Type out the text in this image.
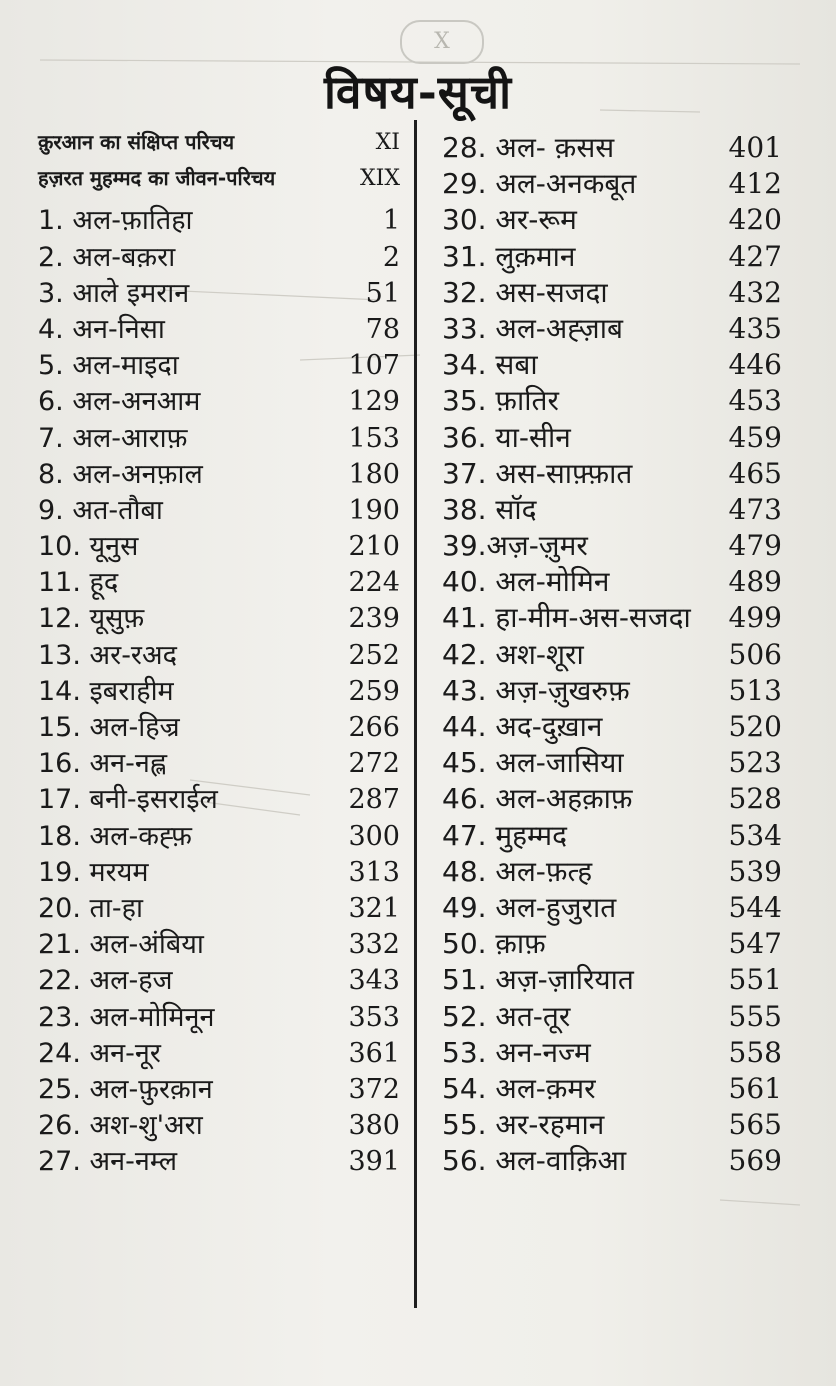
X
विषय-सूची
क़ुरआन का संक्षिप्त परिचय	XI
हज़रत मुहम्मद का जीवन-परिचय	XIX
1. अल-फ़ातिहा	1
2. अल-बक़रा	2
3. आले इमरान	51
4. अन-निसा	78
5. अल-माइदा	107
6. अल-अनआम	129
7. अल-आराफ़	153
8. अल-अनफ़ाल	180
9. अत-तौबा	190
10. यूनुस	210
11. हूद	224
12. यूसुफ़	239
13. अर-रअद	252
14. इबराहीम	259
15. अल-हिज्र	266
16. अन-नह्ल	272
17. बनी-इसराईल	287
18. अल-कह्फ़	300
19. मरयम	313
20. ता-हा	321
21. अल-अंबिया	332
22. अल-हज	343
23. अल-मोमिनून	353
24. अन-नूर	361
25. अल-फ़ुरक़ान	372
26. अश-शु'अरा	380
27. अन-नम्ल	391
28. अल- क़सस	401
29. अल-अनकबूत	412
30. अर-रूम	420
31. लुक़मान	427
32. अस-सजदा	432
33. अल-अह्ज़ाब	435
34. सबा	446
35. फ़ातिर	453
36. या-सीन	459
37. अस-साफ़्फ़ात	465
38. सॉद	473
39.अज़-ज़ुमर	479
40. अल-मोमिन	489
41. हा-मीम-अस-सजदा 499
42. अश-शूरा	506
43. अज़-ज़ुखरुफ़	513
44. अद-दुख़ान	520
45. अल-जासिया	523
46. अल-अहक़ाफ़	528
47. मुहम्मद	534
48. अल-फ़त्ह	539
49. अल-हुजुरात	544
50. क़ाफ़	547
51. अज़-ज़ारियात	551
52. अत-तूर	555
53. अन-नज्म	558
54. अल-क़मर	561
55. अर-रहमान	565
56. अल-वाक़िआ	569
